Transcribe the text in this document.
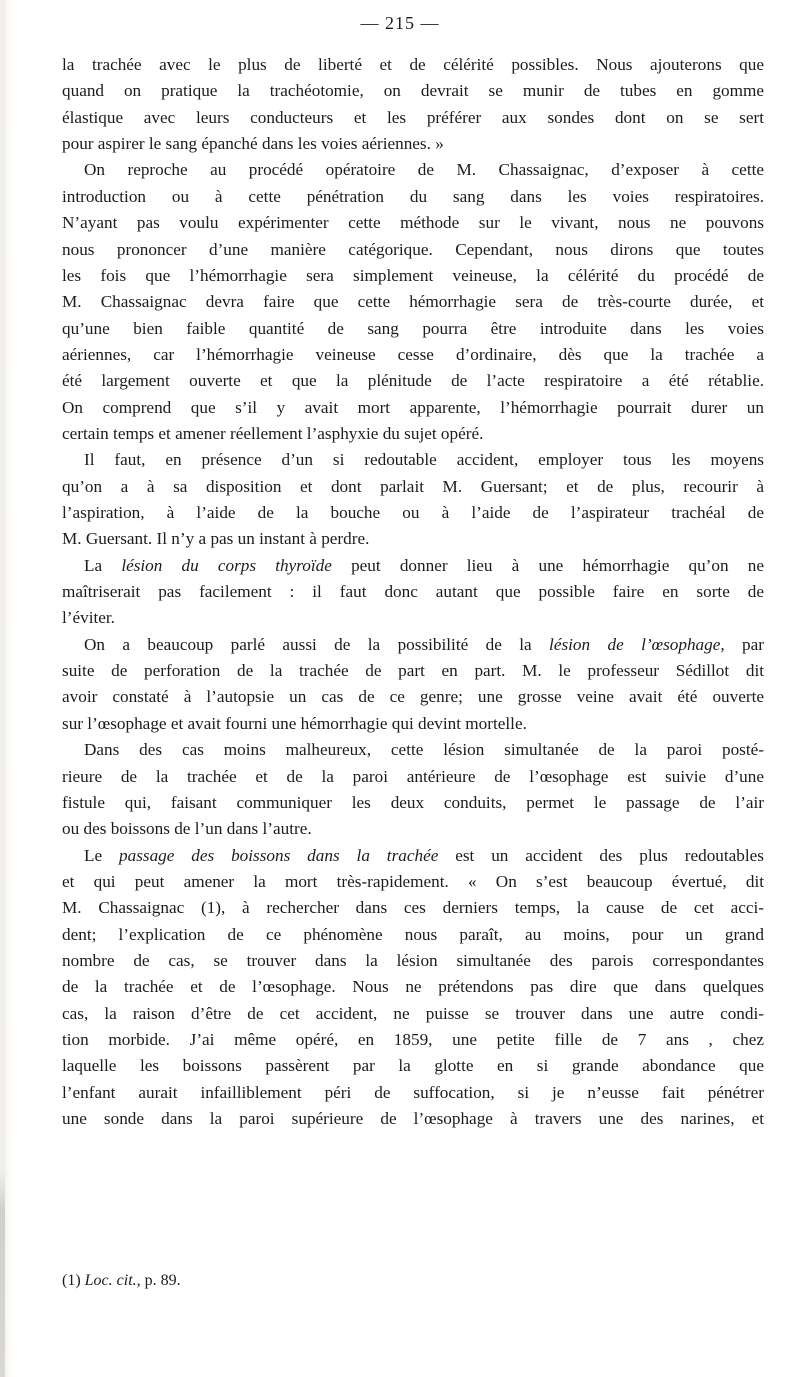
— 215 —
la trachée avec le plus de liberté et de célérité possibles. Nous ajouterons que
quand on pratique la trachéotomie, on devrait se munir de tubes en gomme
élastique avec leurs conducteurs et les préférer aux sondes dont on se sert
pour aspirer le sang épanché dans les voies aériennes. »
On reproche au procédé opératoire de M. Chassaignac, d’exposer à cette
introduction ou à cette pénétration du sang dans les voies respiratoires.
N’ayant pas voulu expérimenter cette méthode sur le vivant, nous ne pouvons
nous prononcer d’une manière catégorique. Cependant, nous dirons que toutes
les fois que l’hémorrhagie sera simplement veineuse, la célérité du procédé de
M. Chassaignac devra faire que cette hémorrhagie sera de très-courte durée, et
qu’une bien faible quantité de sang pourra être introduite dans les voies
aériennes, car l’hémorrhagie veineuse cesse d’ordinaire, dès que la trachée a
été largement ouverte et que la plénitude de l’acte respiratoire a été rétablie.
On comprend que s’il y avait mort apparente, l’hémorrhagie pourrait durer un
certain temps et amener réellement l’asphyxie du sujet opéré.
Il faut, en présence d’un si redoutable accident, employer tous les moyens
qu’on a à sa disposition et dont parlait M. Guersant; et de plus, recourir à
l’aspiration, à l’aide de la bouche ou à l’aide de l’aspirateur trachéal de
M. Guersant. Il n’y a pas un instant à perdre.
La lésion du corps thyroïde peut donner lieu à une hémorrhagie qu’on ne
maîtriserait pas facilement : il faut donc autant que possible faire en sorte de
l’éviter.
On a beaucoup parlé aussi de la possibilité de la lésion de l’œsophage, par
suite de perforation de la trachée de part en part. M. le professeur Sédillot dit
avoir constaté à l’autopsie un cas de ce genre; une grosse veine avait été ouverte
sur l’œsophage et avait fourni une hémorrhagie qui devint mortelle.
Dans des cas moins malheureux, cette lésion simultanée de la paroi posté-
rieure de la trachée et de la paroi antérieure de l’œsophage est suivie d’une
fistule qui, faisant communiquer les deux conduits, permet le passage de l’air
ou des boissons de l’un dans l’autre.
Le passage des boissons dans la trachée est un accident des plus redoutables
et qui peut amener la mort très-rapidement. « On s’est beaucoup évertué, dit
M. Chassaignac (1), à rechercher dans ces derniers temps, la cause de cet acci-
dent; l’explication de ce phénomène nous paraît, au moins, pour un grand
nombre de cas, se trouver dans la lésion simultanée des parois correspondantes
de la trachée et de l’œsophage. Nous ne prétendons pas dire que dans quelques
cas, la raison d’être de cet accident, ne puisse se trouver dans une autre condi-
tion morbide. J’ai même opéré, en 1859, une petite fille de 7 ans , chez
laquelle les boissons passèrent par la glotte en si grande abondance que
l’enfant aurait infailliblement péri de suffocation, si je n’eusse fait pénétrer
une sonde dans la paroi supérieure de l’œsophage à travers une des narines, et
(1) Loc. cit., p. 89.
